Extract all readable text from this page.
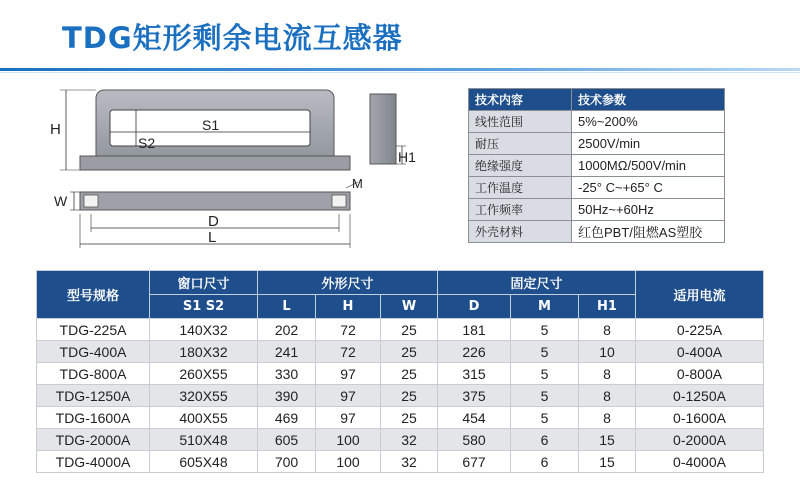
TDG矩形剩余电流互感器
S1
S2
H
H1
W
M
D
L
技术内容	技术参数
线性范围	5%~200%
耐压	2500V/min
绝缘强度	1000MΩ/500V/min
工作温度	-25° C~+65° C
工作频率	50Hz~+60Hz
外壳材料	红色PBT/阻燃AS塑胶
型号规格	窗口尺寸	外形尺寸			固定尺寸			适用电流
	S1 S2	L	H	W	D	M	H1	
TDG-225A	140X32	202	72	25	181	5	8	0-225A
TDG-400A	180X32	241	72	25	226	5	10	0-400A
TDG-800A	260X55	330	97	25	315	5	8	0-800A
TDG-1250A	320X55	390	97	25	375	5	8	0-1250A
TDG-1600A	400X55	469	97	25	454	5	8	0-1600A
TDG-2000A	510X48	605	100	32	580	6	15	0-2000A
TDG-4000A	605X48	700	100	32	677	6	15	0-4000A
